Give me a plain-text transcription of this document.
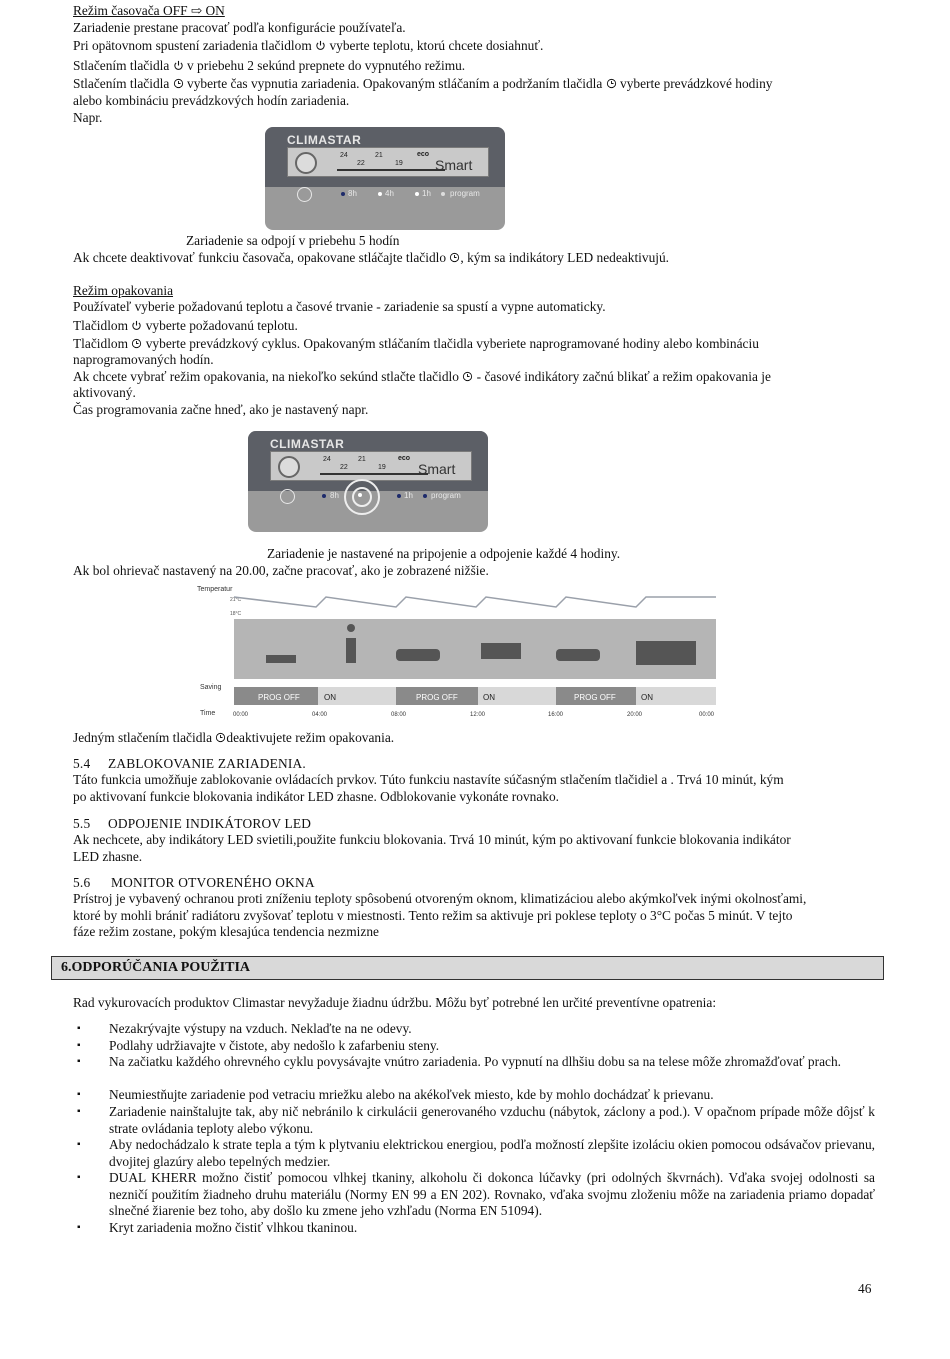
Režim časovača OFF ⇨ ON
Zariadenie prestane pracovať podľa konfigurácie používateľa.
Pri opätovnom spustení zariadenia tlačidlom
vyberte teplotu, ktorú chcete dosiahnuť.
Stlačením tlačidla
v priebehu 2 sekúnd prepnete do vypnutého režimu.
Stlačením tlačidla
vyberte čas vypnutia zariadenia. Opakovaným stláčaním a podržaním tlačidla
vyberte prevádzkové hodiny
alebo kombináciu prevádzkových hodín zariadenia.
Napr.
CLIMASTAR
24	21
22	19
eco
Smart
8h	4h	1h program
Zariadenie sa odpojí v priebehu 5 hodín
Ak chcete deaktivovať funkciu časovača, opakovane stláčajte tlačidlo
, kým sa indikátory LED nedeaktivujú.
Režim opakovania
Používateľ vyberie požadovanú teplotu a časové trvanie - zariadenie sa spustí a vypne automaticky.
Tlačidlom
vyberte požadovanú teplotu.
Tlačidlom
vyberte prevádzkový cyklus. Opakovaným stláčaním tlačidla vyberiete naprogramované hodiny alebo kombináciu
naprogramovaných hodín.
Ak chcete vybrať režim opakovania, na niekoľko sekúnd stlačte tlačidlo
- časové indikátory začnú blikať a režim opakovania je
aktivovaný.
Čas programovania začne hneď, ako je nastavený napr.
CLIMASTAR
24	21
22	19
eco
Smart
8h	1h program
Zariadenie je nastavené na pripojenie a odpojenie každé 4 hodiny.
Ak bol ohrievač nastavený na 20.00, začne pracovať, ako je zobrazené nižšie.
Temperatur
21°C
18°C
Saving
PROG OFF	ON	PROG OFF	ON	PROG OFF	ON
Time	00:00	04:00	08:00	12:00	16:00	20:00	00:00
Jedným stlačením tlačidla
deaktivujete režim opakovania.
5.4 ZABLOKOVANIE ZARIADENIA.
Táto funkcia umožňuje zablokovanie ovládacích prvkov. Túto funkciu nastavíte súčasným stlačením tlačidiel a . Trvá 10 minút, kým
po aktivovaní funkcie blokovania indikátor LED zhasne. Odblokovanie vykonáte rovnako.
5.5 ODPOJENIE INDIKÁTOROV LED
Ak nechcete, aby indikátory LED svietili,použite funkciu blokovania. Trvá 10 minút, kým po aktivovaní funkcie blokovania indikátor
LED zhasne.
5.6 MONITOR OTVORENÉHO OKNA
Prístroj je vybavený ochranou proti zníženiu teploty spôsobenú otvoreným oknom, klimatizáciou alebo akýmkoľvek inými okolnosťami,
ktoré by mohli brániť radiátoru zvyšovať teplotu v miestnosti. Tento režim sa aktivuje pri poklese teploty o 3°C počas 5 minút. V tejto
fáze režim zostane, pokým klesajúca tendencia nezmizne
6.ODPORÚČANIA POUŽITIA
Rad vykurovacích produktov Climastar nevyžaduje žiadnu údržbu. Môžu byť potrebné len určité preventívne opatrenia:
▪ Nezakrývajte výstupy na vzduch. Neklaďte na ne odevy.
▪ Podlahy udržiavajte v čistote, aby nedošlo k zafarbeniu steny.
▪ Na začiatku každého ohrevného cyklu povysávajte vnútro zariadenia. Po vypnutí na dlhšiu dobu sa na telese môže zhromažďovať prach.
▪ Neumiestňujte zariadenie pod vetraciu mriežku alebo na akékoľvek miesto, kde by mohlo dochádzať k prievanu.
▪ Zariadenie nainštalujte tak, aby nič nebránilo k cirkulácii generovaného vzduchu (nábytok, záclony a pod.). V opačnom prípade môže dôjsť k strate ovládania teploty alebo výkonu.
▪ Aby nedochádzalo k strate tepla a tým k plytvaniu elektrickou energiou, podľa možností zlepšite izoláciu okien pomocou odsávačov prievanu, dvojitej glazúry alebo tepelných medzier.
▪ DUAL KHERR možno čistiť pomocou vlhkej tkaniny, alkoholu či dokonca lúčavky (pri odolných škvrnách). Vďaka svojej odolnosti sa nezničí použitím žiadneho druhu materiálu (Normy EN 99 a EN 202). Rovnako, vďaka svojmu zloženiu môže na zariadenia priamo dopadať slnečné žiarenie bez toho, aby došlo ku zmene jeho vzhľadu (Norma EN 51094).
▪ Kryt zariadenia možno čistiť vlhkou tkaninou.
46
